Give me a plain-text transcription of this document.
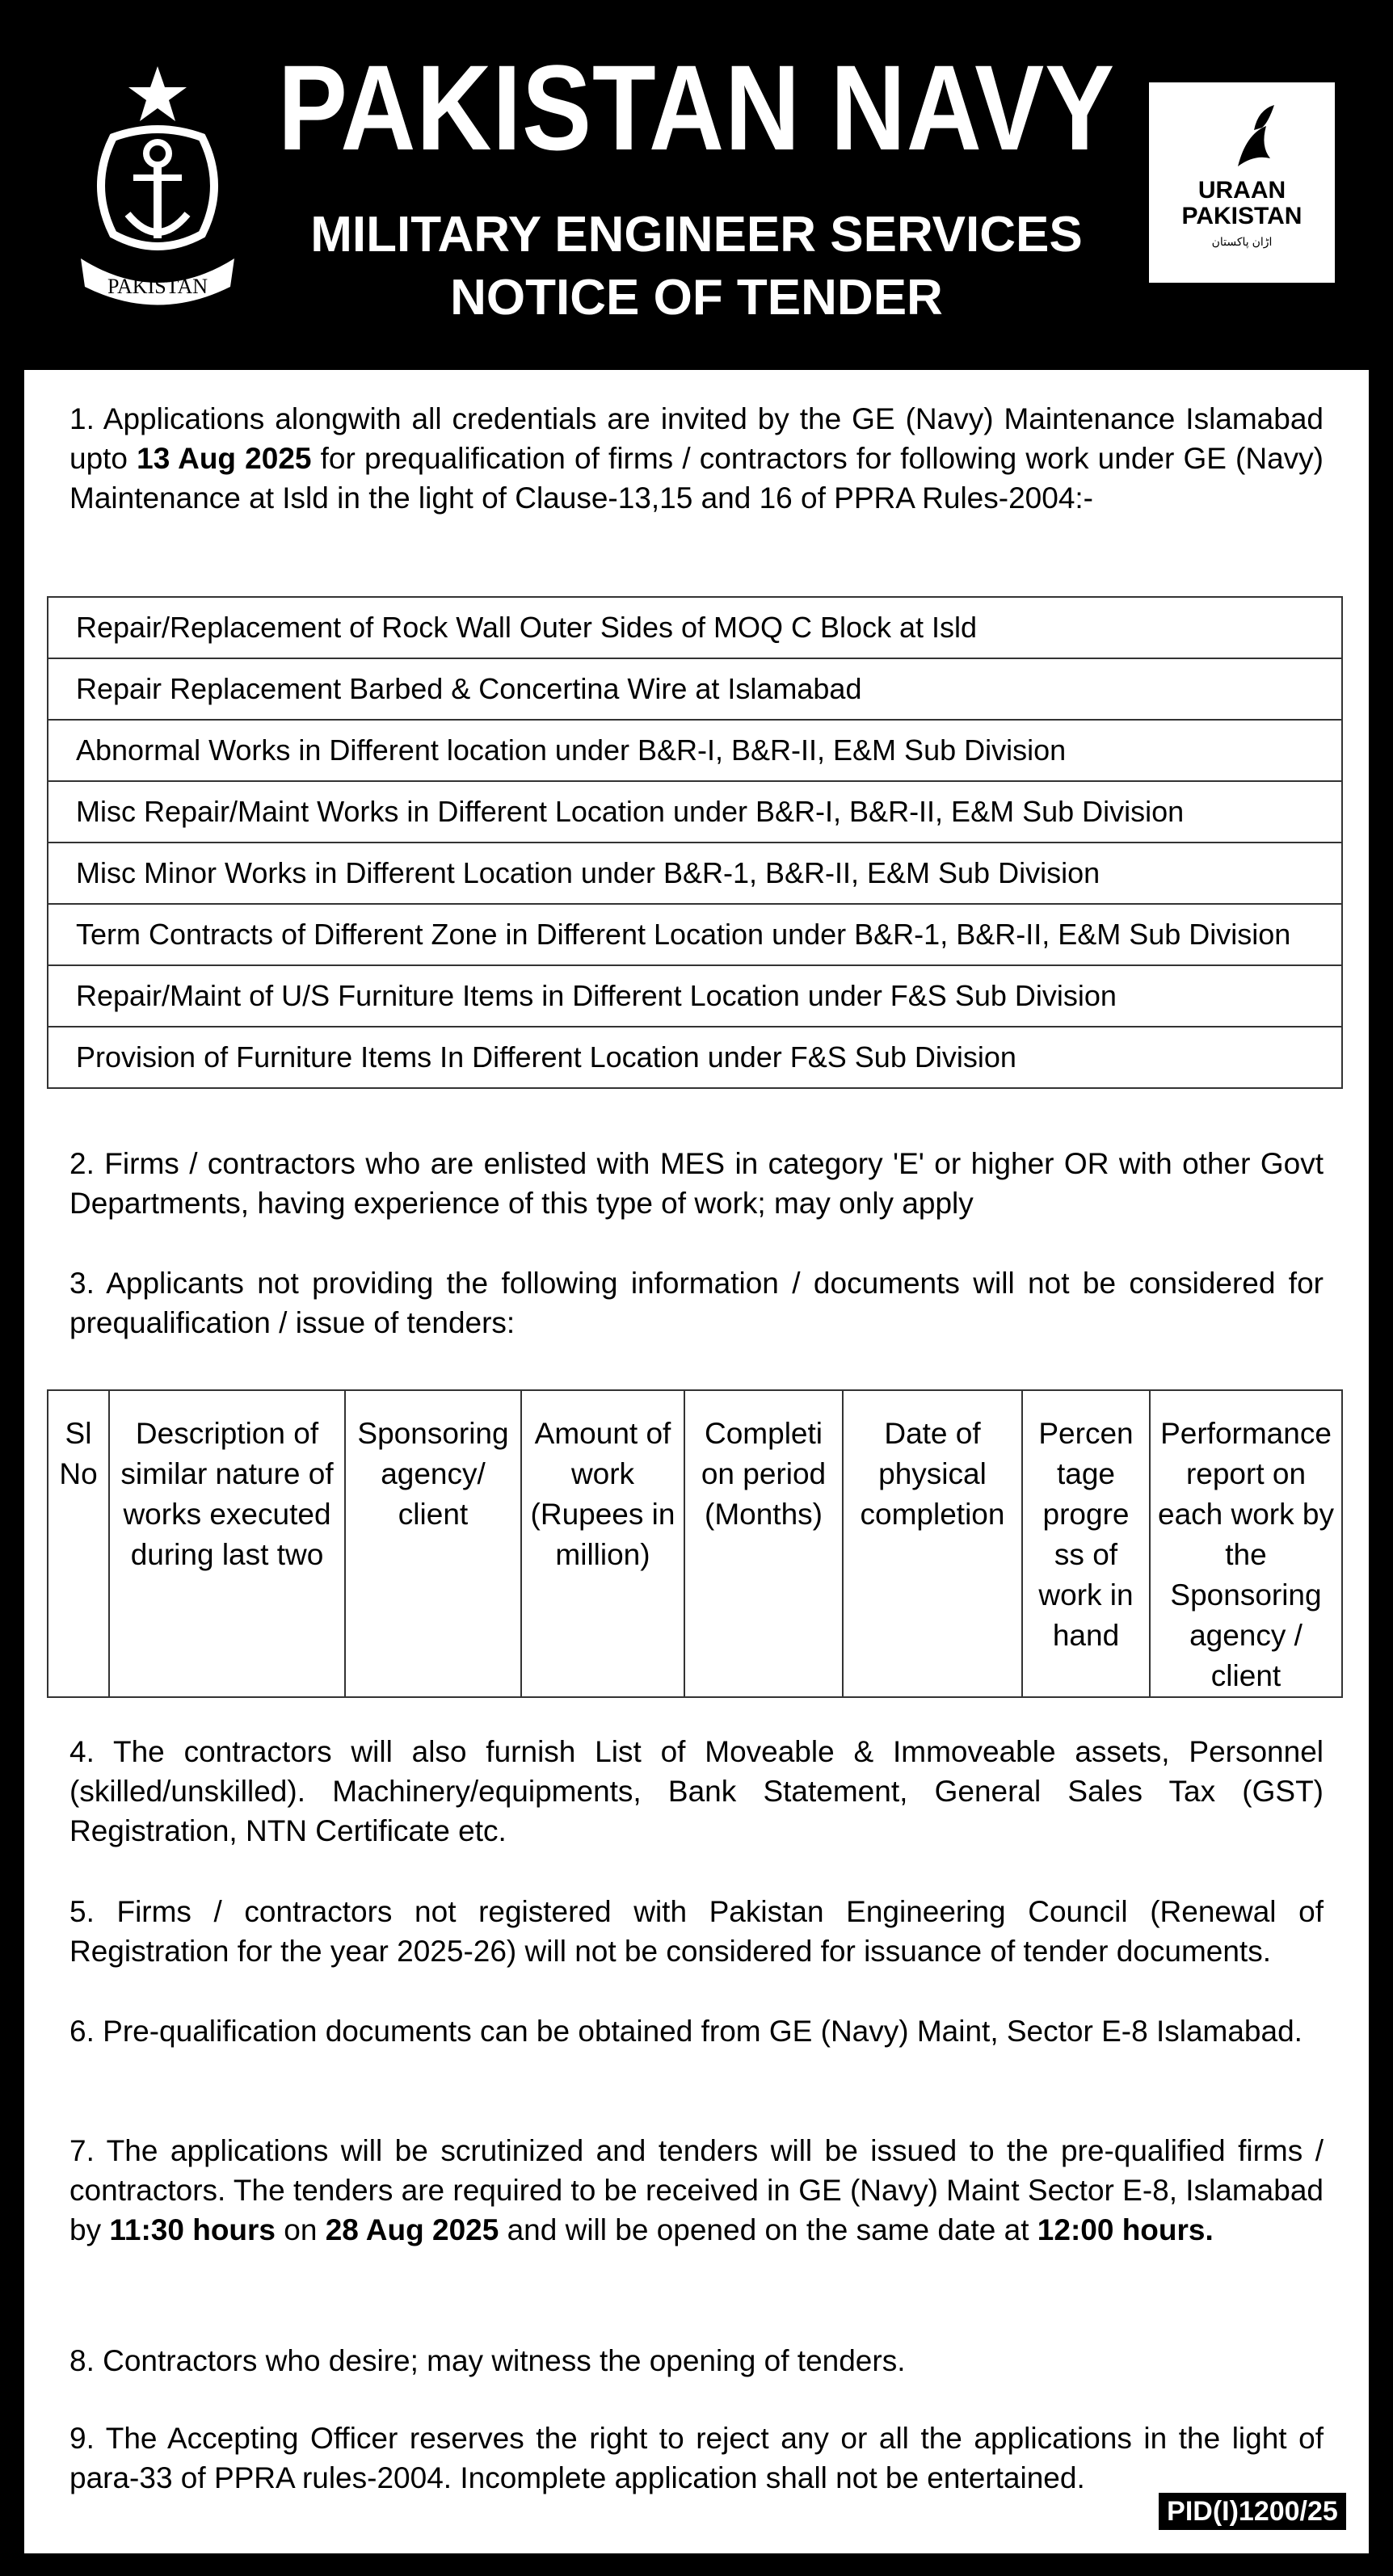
PAKISTAN
PAKISTAN NAVY
MILITARY ENGINEER SERVICES
NOTICE OF TENDER
URAAN
PAKISTAN
اڑان پاکستان
1. Applications alongwith all credentials are invited by the GE (Navy) Maintenance Islamabad upto 13 Aug 2025 for prequalification of firms / contractors for following work under GE (Navy) Maintenance at Isld in the light of Clause-13,15 and 16 of PPRA Rules-2004:-
Repair/Replacement of Rock Wall Outer Sides of MOQ C Block at Isld
Repair Replacement Barbed & Concertina Wire at Islamabad
Abnormal Works in Different location under B&R-I, B&R-II, E&M Sub Division
Misc Repair/Maint Works in Different Location under B&R-I, B&R-II, E&M Sub Division
Misc Minor Works in Different Location under B&R-1, B&R-II, E&M Sub Division
Term Contracts of Different Zone in Different Location under B&R-1, B&R-II, E&M Sub Division
Repair/Maint of U/S Furniture Items in Different Location under F&S Sub Division
Provision of Furniture Items In Different Location under F&S Sub Division
2. Firms / contractors who are enlisted with MES in category 'E' or higher OR with other Govt Departments, having experience of this type of work; may only apply
3. Applicants not providing the following information / documents will not be considered for prequalification / issue of tenders:
Sl No	Description of similar nature of works executed during last two	Sponsoring agency/ client	Amount of work (Rupees in million)	Completi on period (Months)	Date of physical completion	Percen tage progre ss of work in hand	Performance report on each work by the Sponsoring agency / client
4. The contractors will also furnish List of Moveable & Immoveable assets, Personnel (skilled/unskilled). Machinery/equipments, Bank Statement, General Sales Tax (GST) Registration, NTN Certificate etc.
5. Firms / contractors not registered with Pakistan Engineering Council (Renewal of Registration for the year 2025-26) will not be considered for issuance of tender documents.
6. Pre-qualification documents can be obtained from GE (Navy) Maint, Sector E-8 Islamabad.
7. The applications will be scrutinized and tenders will be issued to the pre-qualified firms / contractors. The tenders are required to be received in GE (Navy) Maint Sector E-8, Islamabad by 11:30 hours on 28 Aug 2025 and will be opened on the same date at 12:00 hours.
8. Contractors who desire; may witness the opening of tenders.
9. The Accepting Officer reserves the right to reject any or all the applications in the light of para-33 of PPRA rules-2004. Incomplete application shall not be entertained.
PID(I)1200/25
